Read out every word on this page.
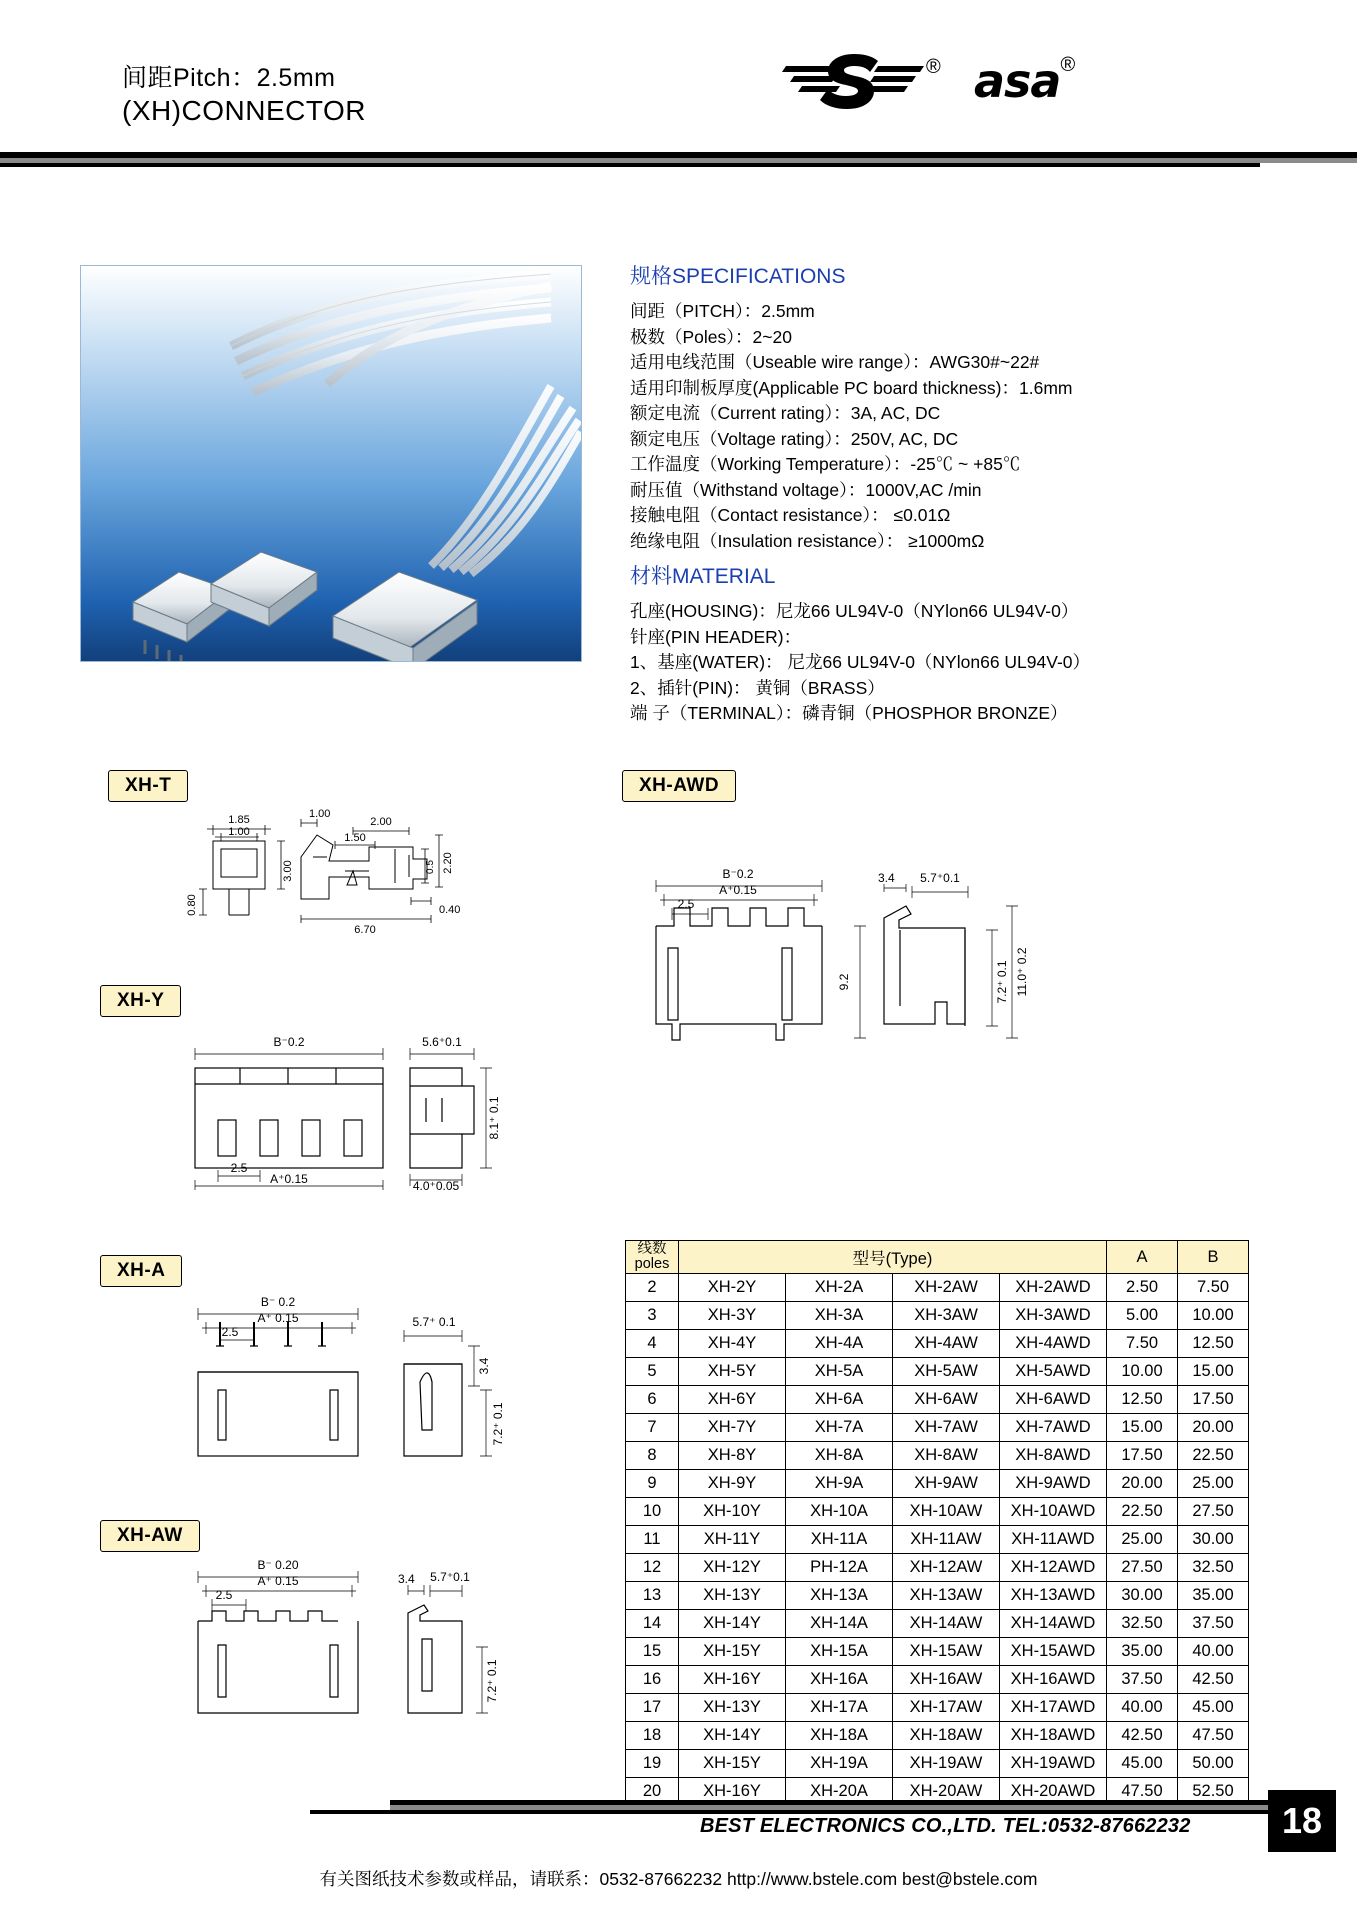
间距Pitch：2.5mm
(XH)CONNECTOR
® asa ®
规格SPECIFICATIONS
间距（PITCH）：2.5mm
极数（Poles）：2~20
适用电线范围（Useable wire range）：AWG30#~22#
适用印制板厚度(Applicable PC board thickness)：1.6mm
额定电流（Current rating）：3A, AC, DC
额定电压（Voltage rating）：250V, AC, DC
工作温度（Working Temperature）：-25℃ ~ +85℃
耐压值（Withstand voltage）：1000V,AC /min
接触电阻（Contact resistance）： ≤0.01Ω
绝缘电阻（Insulation resistance）： ≥1000mΩ
材料MATERIAL
孔座(HOUSING)：尼龙66 UL94V-0（NYlon66 UL94V-0）
针座(PIN HEADER)：
1、基座(WATER)： 尼龙66 UL94V-0（NYlon66 UL94V-0）
2、插针(PIN)： 黄铜（BRASS）
端 子（TERMINAL）：磷青铜（PHOSPHOR BRONZE）
XH-T
1.85
1.00
3.00
0.80
1.00
2.00
1.50
0.5 2.20
6.70
0.40
XH-Y
B⁻0.2
2.5
A⁺0.15
5.6⁺0.1
8.1⁺ 0.1
4.0⁺0.05
XH-A
B⁻ 0.2
A⁺ 0.15
2.5
5.7⁺ 0.1
3.4
7.2⁺ 0.1
XH-AW
B⁻ 0.20
A⁺ 0.15
2.5
3.4 5.7⁺0.1
7.2⁺ 0.1
XH-AWD
B⁻0.2
A⁺0.15
2.5
3.4 5.7⁺0.1
9.2	7.2⁺ 0.1 11.0⁺ 0.2
线数
poles	型号(Type)				A	B
2	XH-2Y	XH-2A	XH-2AW	XH-2AWD	2.50	7.50
3	XH-3Y	XH-3A	XH-3AW	XH-3AWD	5.00	10.00
4	XH-4Y	XH-4A	XH-4AW	XH-4AWD	7.50	12.50
5	XH-5Y	XH-5A	XH-5AW	XH-5AWD	10.00	15.00
6	XH-6Y	XH-6A	XH-6AW	XH-6AWD	12.50	17.50
7	XH-7Y	XH-7A	XH-7AW	XH-7AWD	15.00	20.00
8	XH-8Y	XH-8A	XH-8AW	XH-8AWD	17.50	22.50
9	XH-9Y	XH-9A	XH-9AW	XH-9AWD	20.00	25.00
10	XH-10Y	XH-10A	XH-10AW	XH-10AWD	22.50	27.50
11	XH-11Y	XH-11A	XH-11AW	XH-11AWD	25.00	30.00
12	XH-12Y	PH-12A	XH-12AW	XH-12AWD	27.50	32.50
13	XH-13Y	XH-13A	XH-13AW	XH-13AWD	30.00	35.00
14	XH-14Y	XH-14A	XH-14AW	XH-14AWD	32.50	37.50
15	XH-15Y	XH-15A	XH-15AW	XH-15AWD	35.00	40.00
16	XH-16Y	XH-16A	XH-16AW	XH-16AWD	37.50	42.50
17	XH-13Y	XH-17A	XH-17AW	XH-17AWD	40.00	45.00
18	XH-14Y	XH-18A	XH-18AW	XH-18AWD	42.50	47.50
19	XH-15Y	XH-19A	XH-19AW	XH-19AWD	45.00	50.00
20	XH-16Y	XH-20A	XH-20AW	XH-20AWD	47.50	52.50
BEST ELECTRONICS CO.,LTD. TEL:0532-87662232	18
有关图纸技术参数或样品，请联系：0532-87662232 http://www.bstele.com best@bstele.com
